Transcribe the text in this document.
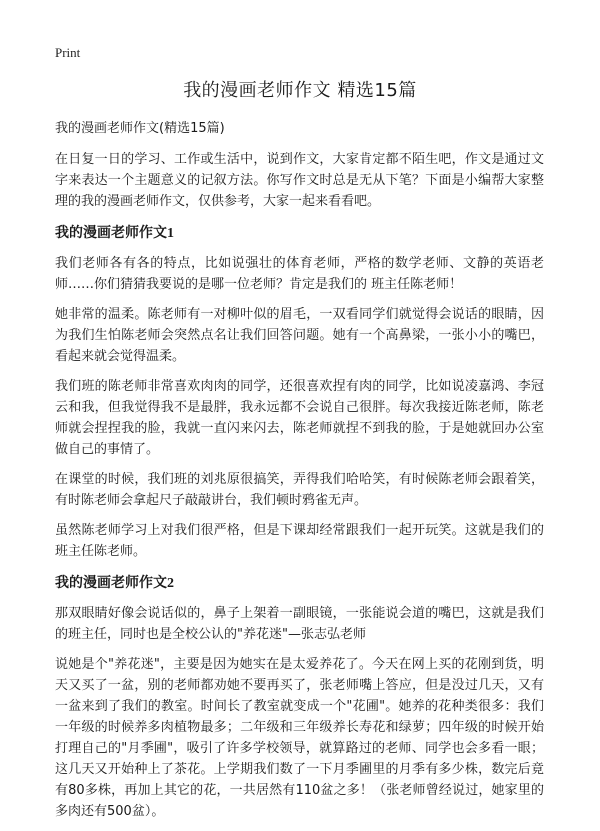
Print
我的漫画老师作文 精选15篇

我的漫画老师作文(精选15篇)

在日复一日的学习、工作或生活中，说到作文，大家肯定都不陌生吧，作文是通过文字来表达一个主题意义的记叙方法。你写作文时总是无从下笔？下面是小编帮大家整理的我的漫画老师作文，仅供参考，大家一起来看看吧。

我的漫画老师作文1

我们老师各有各的特点，比如说强壮的体育老师，严格的数学老师、文静的英语老师……你们猜猜我要说的是哪一位老师？肯定是我们的 班主任陈老师！

她非常的温柔。陈老师有一对柳叶似的眉毛，一双看同学们就觉得会说话的眼睛，因为我们生怕陈老师会突然点名让我们回答问题。她有一个高鼻梁，一张小小的嘴巴，看起来就会觉得温柔。

我们班的陈老师非常喜欢肉肉的同学，还很喜欢捏有肉的同学，比如说凌嘉鸿、李冠云和我，但我觉得我不是最胖，我永远都不会说自己很胖。每次我接近陈老师，陈老师就会捏捏我的脸，我就一直闪来闪去，陈老师就捏不到我的脸，于是她就回办公室做自己的事情了。

在课堂的时候，我们班的刘兆原很搞笑，弄得我们哈哈笑，有时候陈老师会跟着笑，有时陈老师会拿起尺子敲敲讲台，我们顿时鸦雀无声。

虽然陈老师学习上对我们很严格，但是下课却经常跟我们一起开玩笑。这就是我们的班主任陈老师。

我的漫画老师作文2

那双眼睛好像会说话似的，鼻子上架着一副眼镜，一张能说会道的嘴巴，这就是我们的班主任，同时也是全校公认的"养花迷"—张志弘老师

说她是个"养花迷"，主要是因为她实在是太爱养花了。今天在网上买的花刚到货，明天又买了一盆，别的老师都劝她不要再买了，张老师嘴上答应，但是没过几天，又有一盆来到了我们的教室。时间长了教室就变成一个"花圃"。她养的花种类很多：我们一年级的时候养多肉植物最多；二年级和三年级养长寿花和绿萝；四年级的时候开始打理自己的"月季圃"，吸引了许多学校领导，就算路过的老师、同学也会多看一眼；这几天又开始种上了茶花。上学期我们数了一下月季圃里的月季有多少株，数完后竟有80多株，再加上其它的花，一共居然有110盆之多！（张老师曾经说过，她家里的多肉还有500盆）。
